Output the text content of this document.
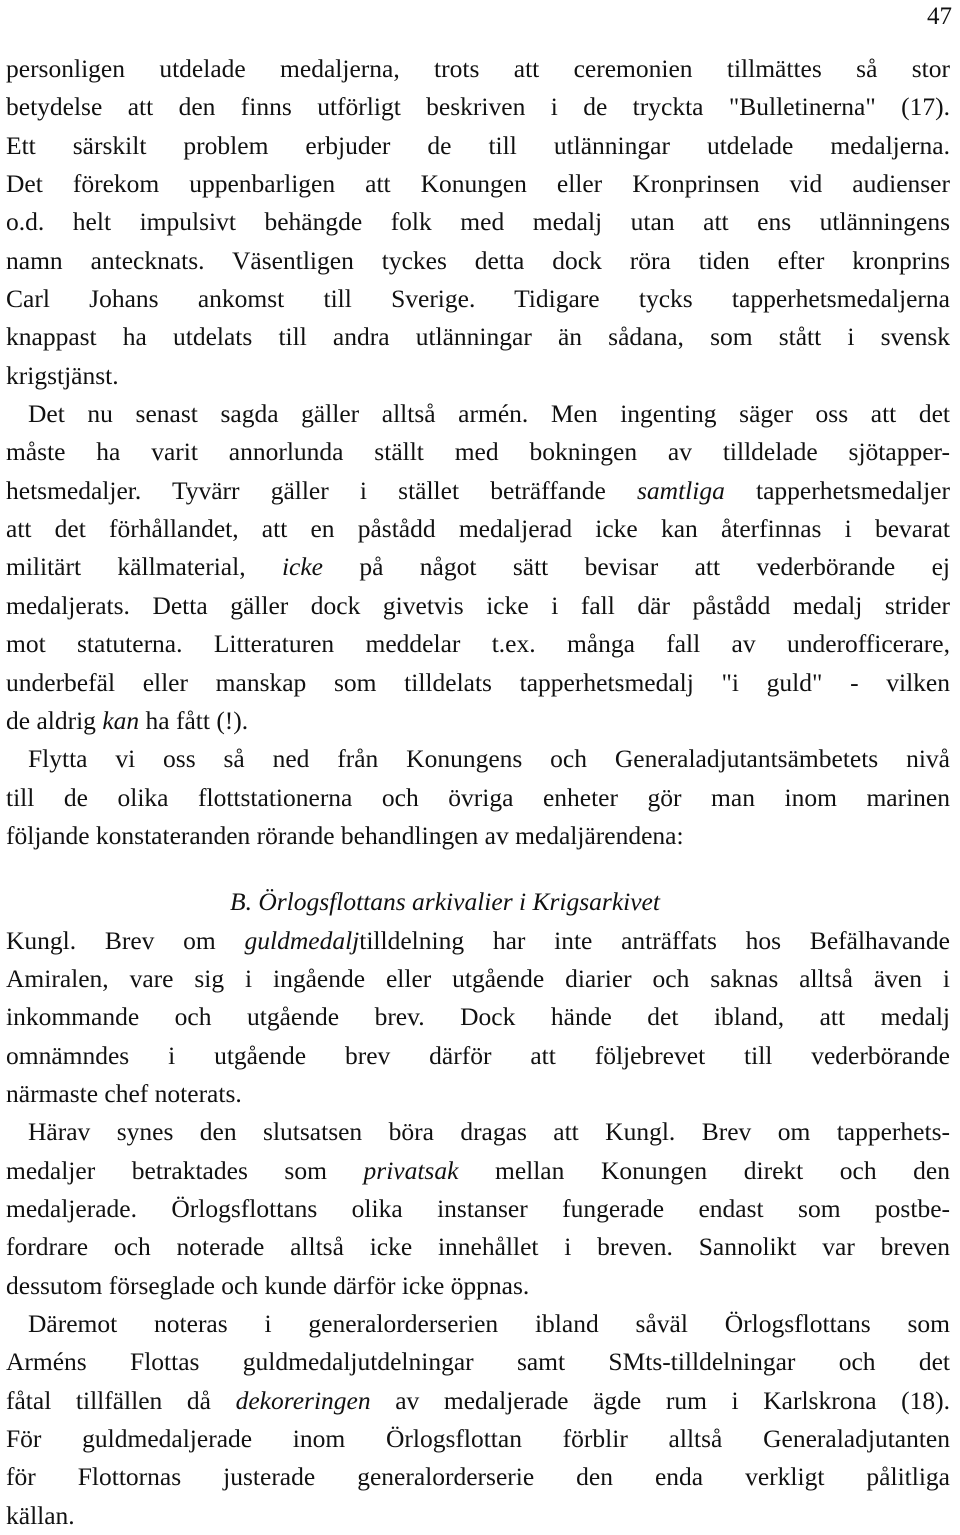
47
personligen utdelade medaljerna, trots att ceremonien tillmättes så stor
betydelse att den finns utförligt beskriven i de tryckta "Bulletinerna" (17).
Ett särskilt problem erbjuder de till utlänningar utdelade medaljerna.
Det förekom uppenbarligen att Konungen eller Kronprinsen vid audienser
o.d. helt impulsivt behängde folk med medalj utan att ens utlänningens
namn antecknats. Väsentligen tyckes detta dock röra tiden efter kronprins
Carl Johans ankomst till Sverige. Tidigare tycks tapperhetsmedaljerna
knappast ha utdelats till andra utlänningar än sådana, som stått i svensk
krigstjänst.
Det nu senast sagda gäller alltså armén. Men ingenting säger oss att det
måste ha varit annorlunda ställt med bokningen av tilldelade sjötapper-
hetsmedaljer. Tyvärr gäller i stället beträffande samtliga tapperhetsmedaljer
att det förhållandet, att en påstådd medaljerad icke kan återfinnas i bevarat
militärt källmaterial, icke på något sätt bevisar att vederbörande ej
medaljerats. Detta gäller dock givetvis icke i fall där påstådd medalj strider
mot statuterna. Litteraturen meddelar t.ex. många fall av underofficerare,
underbefäl eller manskap som tilldelats tapperhetsmedalj "i guld" - vilken
de aldrig kan ha fått (!).
Flytta vi oss så ned från Konungens och Generaladjutantsämbetets nivå
till de olika flottstationerna och övriga enheter gör man inom marinen
följande konstateranden rörande behandlingen av medaljärendena:
B. Örlogsflottans arkivalier i Krigsarkivet
Kungl. Brev om guldmedaljtilldelning har inte anträffats hos Befälhavande
Amiralen, vare sig i ingående eller utgående diarier och saknas alltså även i
inkommande och utgående brev. Dock hände det ibland, att medalj
omnämndes i utgående brev därför att följebrevet till vederbörande
närmaste chef noterats.
Härav synes den slutsatsen böra dragas att Kungl. Brev om tapperhets-
medaljer betraktades som privatsak mellan Konungen direkt och den
medaljerade. Örlogsflottans olika instanser fungerade endast som postbe-
fordrare och noterade alltså icke innehållet i breven. Sannolikt var breven
dessutom förseglade och kunde därför icke öppnas.
Däremot noteras i generalorderserien ibland såväl Örlogsflottans som
Arméns Flottas guldmedaljutdelningar samt SMts-tilldelningar och det
fåtal tillfällen då dekoreringen av medaljerade ägde rum i Karlskrona (18).
För guldmedaljerade inom Örlogsflottan förblir alltså Generaladjutanten
för Flottornas justerade generalorderserie den enda verkligt pålitliga
källan.
